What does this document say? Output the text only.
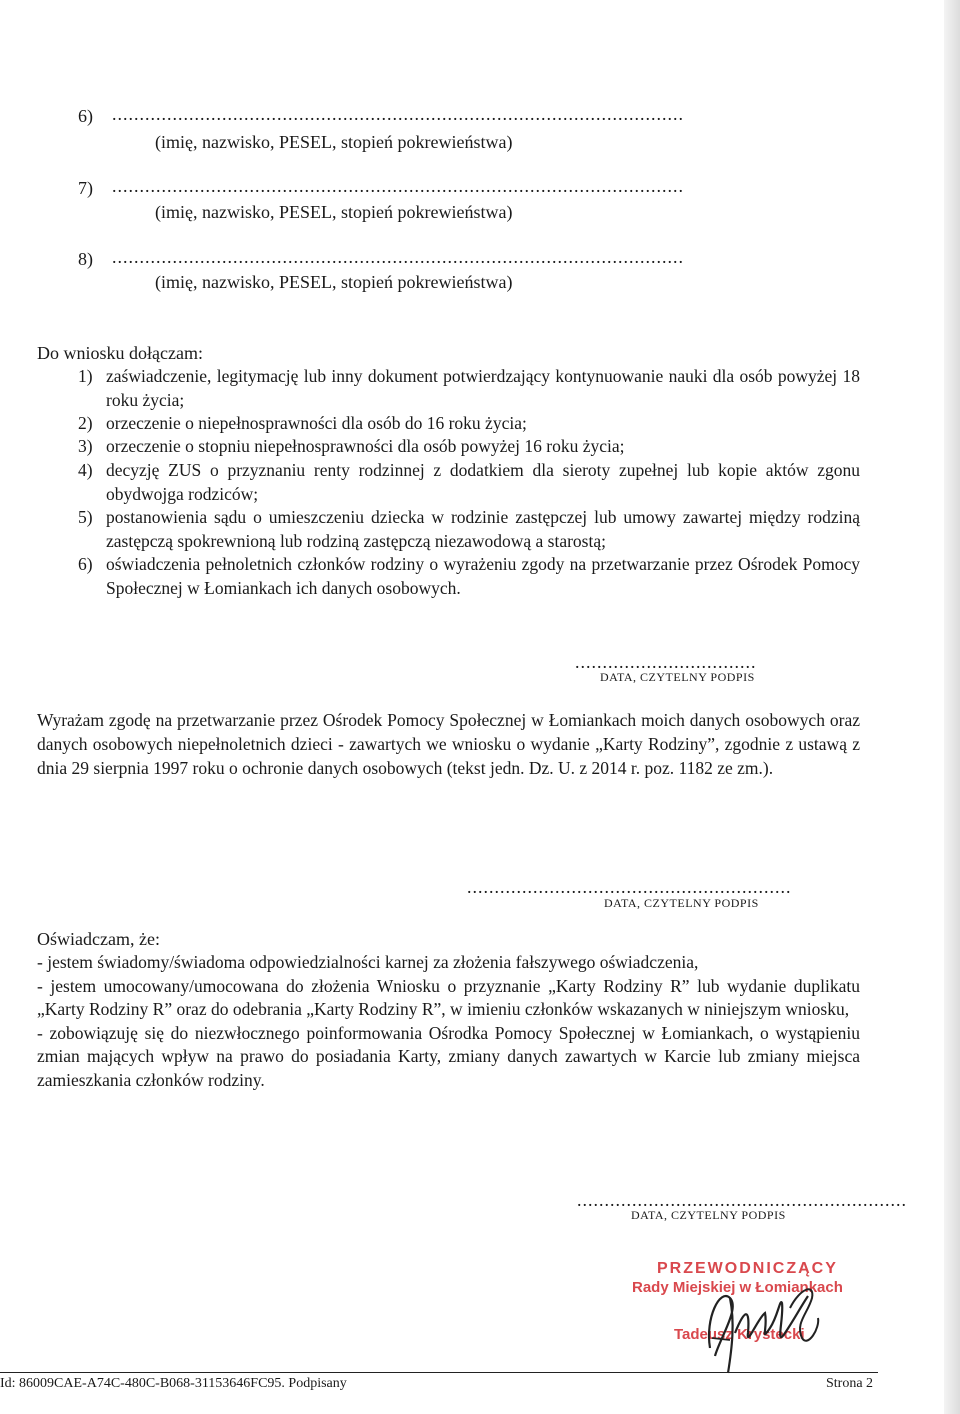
6) ........................................................................................................
(imię, nazwisko, PESEL, stopień pokrewieństwa)
7) ........................................................................................................
(imię, nazwisko, PESEL, stopień pokrewieństwa)
8) ........................................................................................................
(imię, nazwisko, PESEL, stopień pokrewieństwa)
Do wniosku dołączam:
1) zaświadczenie, legitymację lub inny dokument potwierdzający kontynuowanie nauki dla osób powyżej 18 roku życia;
2) orzeczenie o niepełnosprawności dla osób do 16 roku życia;
3) orzeczenie o stopniu niepełnosprawności dla osób powyżej 16 roku życia;
4) decyzję ZUS o przyznaniu renty rodzinnej z dodatkiem dla sieroty zupełnej lub kopie aktów zgonu obydwojga rodziców;
5) postanowienia sądu o umieszczeniu dziecka w rodzinie zastępczej lub umowy zawartej między rodziną zastępczą spokrewnioną lub rodziną zastępczą niezawodową a starostą;
6) oświadczenia pełnoletnich członków rodziny o wyrażeniu zgody na przetwarzanie przez Ośrodek Pomocy Społecznej w Łomiankach ich danych osobowych.
.................................
DATA, CZYTELNY PODPIS
Wyrażam zgodę na przetwarzanie przez Ośrodek Pomocy Społecznej w Łomiankach moich danych osobowych oraz danych osobowych niepełnoletnich dzieci - zawartych we wniosku o wydanie „Karty Rodziny”, zgodnie z ustawą z dnia 29 sierpnia 1997 roku o ochronie danych osobowych (tekst jedn. Dz. U. z 2014 r. poz. 1182 ze zm.).
...........................................................
DATA, CZYTELNY PODPIS
Oświadczam, że:
- jestem świadomy/świadoma odpowiedzialności karnej za złożenia fałszywego oświadczenia,
- jestem umocowany/umocowana do złożenia Wniosku o przyznanie „Karty Rodziny R” lub wydanie duplikatu „Karty Rodziny R” oraz do odebrania „Karty Rodziny R”, w imieniu członków wskazanych w niniejszym wniosku,
- zobowiązuję się do niezwłocznego poinformowania Ośrodka Pomocy Społecznej w Łomiankach, o wystąpieniu zmian mających wpływ na prawo do posiadania Karty, zmiany danych zawartych w Karcie lub zmiany miejsca zamieszkania członków rodziny.
............................................................
DATA, CZYTELNY PODPIS
PRZEWODNICZĄCY
Rady Miejskiej w Łomiankach
Tadeusz Krystecki
Id: 86009CAE-A74C-480C-B068-31153646FC95. Podpisany	Strona 2
